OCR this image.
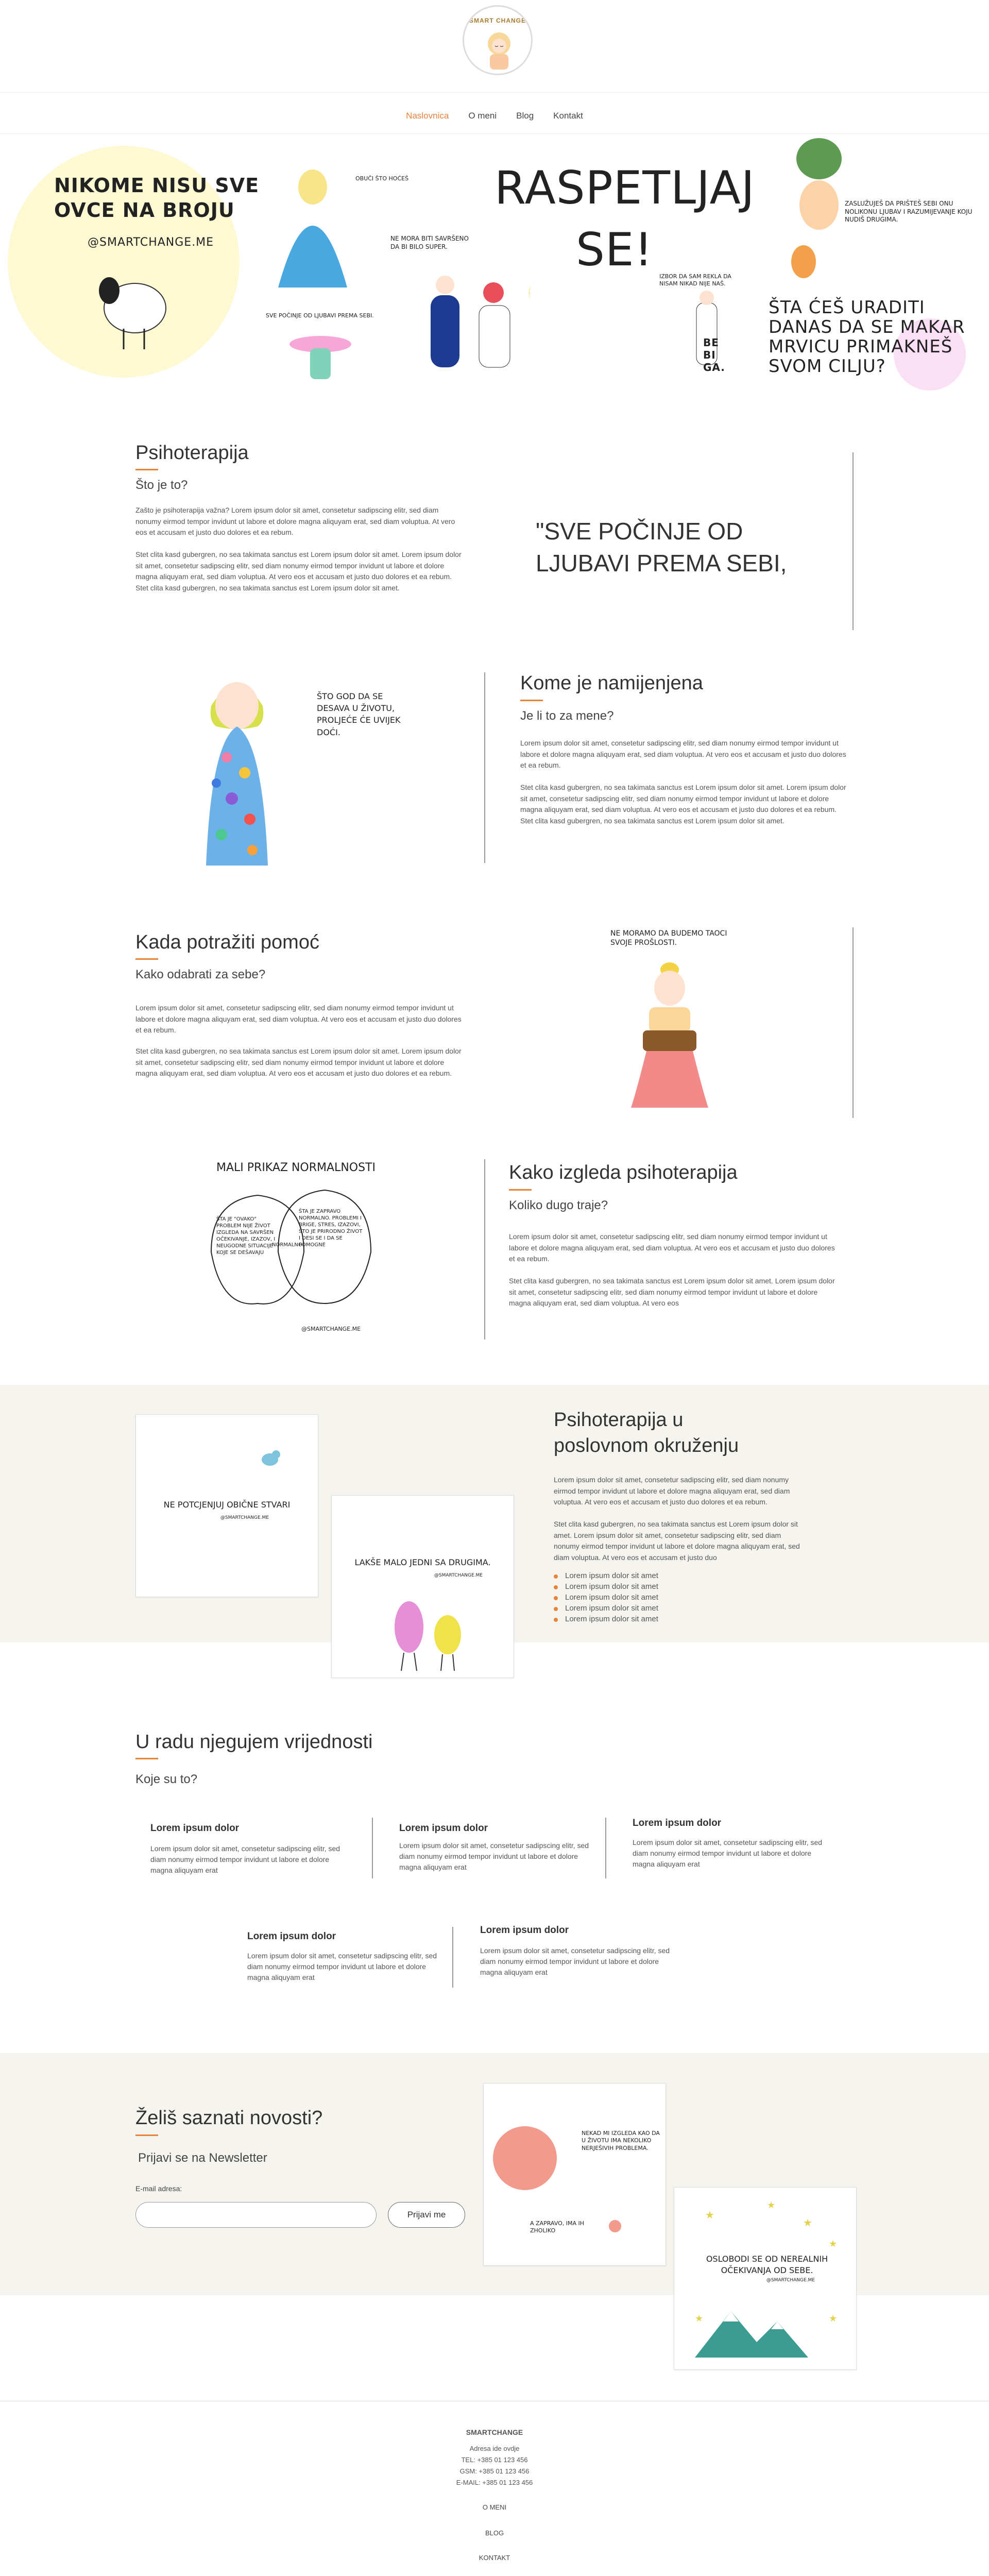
SMART CHANGE
Naslovnica O meni Blog Kontakt
NIKOME NISU SVE
OVCE NA BROJU
@SMARTCHANGE.ME
OBUČI ŠTO HOĆEŠ
NE MORA BITI SAVRŠENO DA BI BILO SUPER.
SVE POČINJE OD LJUBAVI PREMA SEBI.
RASPETLJAJ
SE!
IZBOR DA SAM REKLA DA NISAM NIKAD NIJE NAŠ.
BE BI GA.
ZASLUŽUJEŠ DA PRIŠTEŠ SEBI ONU NOLIKONU LJUBAV I RAZUMIJEVANJE KOJU NUDIŠ DRUGIMA.
ŠTA ĆEŠ URADITI DANAS DA SE MAKAR MRVICU PRIMAKNEŠ SVOM CILJU?
Psihoterapija
Što je to?
Zašto je psihoterapija važna? Lorem ipsum dolor sit amet, consetetur sadipscing elitr, sed diam nonumy eirmod tempor invidunt ut labore et dolore magna aliquyam erat, sed diam voluptua. At vero eos et accusam et justo duo dolores et ea rebum.
Stet clita kasd gubergren, no sea takimata sanctus est Lorem ipsum dolor sit amet. Lorem ipsum dolor sit amet, consetetur sadipscing elitr, sed diam nonumy eirmod tempor invidunt ut labore et dolore magna aliquyam erat, sed diam voluptua. At vero eos et accusam et justo duo dolores et ea rebum. Stet clita kasd gubergren, no sea takimata sanctus est Lorem ipsum dolor sit amet.
"SVE POČINJE OD LJUBAVI PREMA SEBI,
ŠTO GOD DA SE DESAVA U ŽIVOTU, PROLJEĆE ĆE UVIJEK DOĆI.
Kome je namijenjena
Je li to za mene?
Lorem ipsum dolor sit amet, consetetur sadipscing elitr, sed diam nonumy eirmod tempor invidunt ut labore et dolore magna aliquyam erat, sed diam voluptua. At vero eos et accusam et justo duo dolores et ea rebum.
Stet clita kasd gubergren, no sea takimata sanctus est Lorem ipsum dolor sit amet. Lorem ipsum dolor sit amet, consetetur sadipscing elitr, sed diam nonumy eirmod tempor invidunt ut labore et dolore magna aliquyam erat, sed diam voluptua. At vero eos et accusam et justo duo dolores et ea rebum. Stet clita kasd gubergren, no sea takimata sanctus est Lorem ipsum dolor sit amet.
Kada potražiti pomoć
Kako odabrati za sebe?
Lorem ipsum dolor sit amet, consetetur sadipscing elitr, sed diam nonumy eirmod tempor invidunt ut labore et dolore magna aliquyam erat, sed diam voluptua. At vero eos et accusam et justo duo dolores et ea rebum.
Stet clita kasd gubergren, no sea takimata sanctus est Lorem ipsum dolor sit amet. Lorem ipsum dolor sit amet, consetetur sadipscing elitr, sed diam nonumy eirmod tempor invidunt ut labore et dolore magna aliquyam erat, sed diam voluptua. At vero eos et accusam et justo duo dolores et ea rebum.
NE MORAMO DA BUDEMO TAOCI SVOJE PROŠLOSTI.
MALI PRIKAZ NORMALNOSTI
ŠTA JE "OVAKO" PROBLEM NIJE ŽIVOT IZGLEDA NA SAVRŠEN OČEKIVANJE, IZAZOV, I NEUGODNE SITUACIJE KOJE SE DEŠAVAJU
NORMALNO
ŠTA JE ZAPRAVO NORMALNO. PROBLEMI I BRIGE, STRES, IZAZOVI, ŠTO JE PRIRODNO ŽIVOT I DESI SE I DA SE POMOGNE
@SMARTCHANGE.ME
Kako izgleda psihoterapija
Koliko dugo traje?
Lorem ipsum dolor sit amet, consetetur sadipscing elitr, sed diam nonumy eirmod tempor invidunt ut labore et dolore magna aliquyam erat, sed diam voluptua. At vero eos et accusam et justo duo dolores et ea rebum.
Stet clita kasd gubergren, no sea takimata sanctus est Lorem ipsum dolor sit amet. Lorem ipsum dolor sit amet, consetetur sadipscing elitr, sed diam nonumy eirmod tempor invidunt ut labore et dolore magna aliquyam erat, sed diam voluptua. At vero eos
NE POTCJENJUJ OBIČNE STVARI
@SMARTCHANGE.ME
LAKŠE MALO JEDNI SA DRUGIMA.
@SMARTCHANGE.ME
Psihoterapija u
poslovnom okruženju
Lorem ipsum dolor sit amet, consetetur sadipscing elitr, sed diam nonumy eirmod tempor invidunt ut labore et dolore magna aliquyam erat, sed diam voluptua. At vero eos et accusam et justo duo dolores et ea rebum.
Stet clita kasd gubergren, no sea takimata sanctus est Lorem ipsum dolor sit amet. Lorem ipsum dolor sit amet, consetetur sadipscing elitr, sed diam nonumy eirmod tempor invidunt ut labore et dolore magna aliquyam erat, sed diam voluptua. At vero eos et accusam et justo duo
Lorem ipsum dolor sit amet
Lorem ipsum dolor sit amet
Lorem ipsum dolor sit amet
Lorem ipsum dolor sit amet
Lorem ipsum dolor sit amet
U radu njegujem vrijednosti
Koje su to?
Lorem ipsum dolor
Lorem ipsum dolor sit amet, consetetur sadipscing elitr, sed diam nonumy eirmod tempor invidunt ut labore et dolore magna aliquyam erat
Lorem ipsum dolor
Lorem ipsum dolor sit amet, consetetur sadipscing elitr, sed diam nonumy eirmod tempor invidunt ut labore et dolore magna aliquyam erat
Lorem ipsum dolor
Lorem ipsum dolor sit amet, consetetur sadipscing elitr, sed diam nonumy eirmod tempor invidunt ut labore et dolore magna aliquyam erat
Lorem ipsum dolor
Lorem ipsum dolor sit amet, consetetur sadipscing elitr, sed diam nonumy eirmod tempor invidunt ut labore et dolore magna aliquyam erat
Lorem ipsum dolor
Lorem ipsum dolor sit amet, consetetur sadipscing elitr, sed diam nonumy eirmod tempor invidunt ut labore et dolore magna aliquyam erat
Želiš saznati novosti?
Prijavi se na Newsletter
E-mail adresa:
Prijavi me
NEKAD MI IZGLEDA KAO DA U ŽIVOTU IMA NEKOLIKO NERJEŠIVIH PROBLEMA.
A ZAPRAVO, IMA IH ZHOLIKO
★
★
★
★
★	★
OSLOBODI SE OD NEREALNIH OČEKIVANJA OD SEBE.
@SMARTCHANGE.ME
SMARTCHANGE
Adresa ide ovdje
TEL: +385 01 123 456
GSM: +385 01 123 456
E-MAIL: +385 01 123 456
O MENI
BLOG
KONTAKT
